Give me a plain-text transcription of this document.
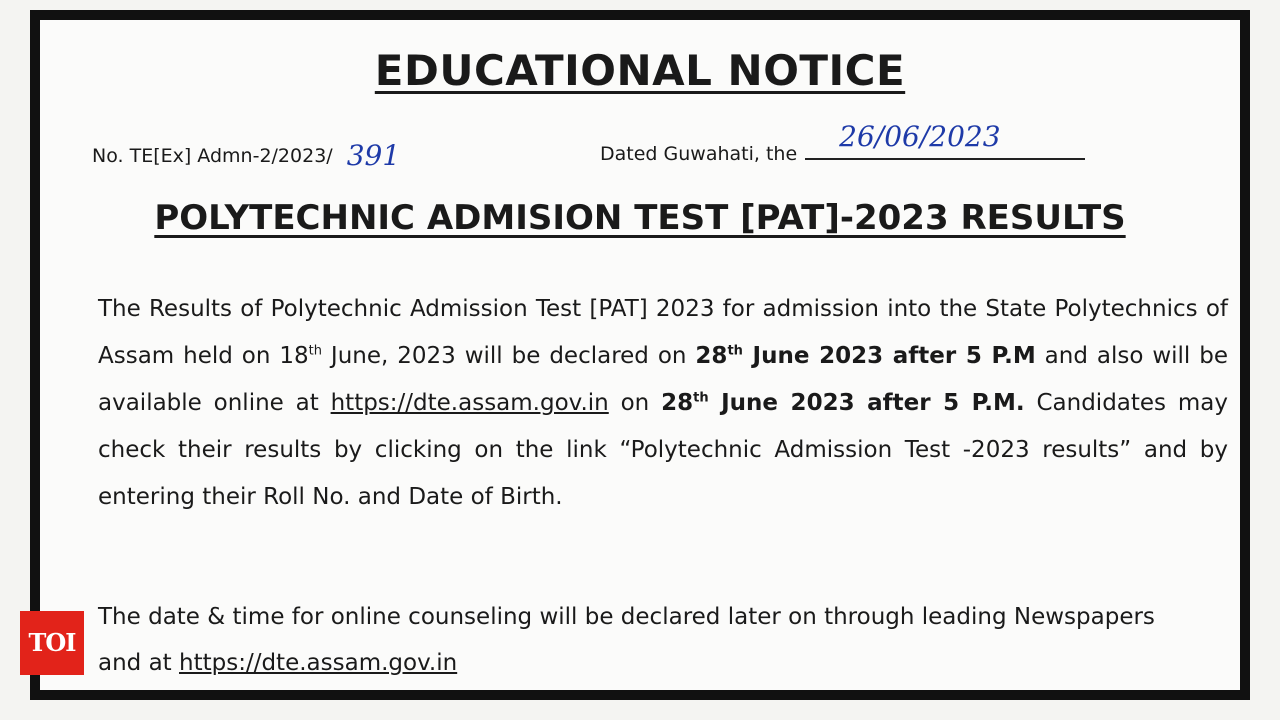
EDUCATIONAL NOTICE
No. TE[Ex] Admn-2/2023/ 391	Dated Guwahati, the
26/06/2023
POLYTECHNIC ADMISION TEST [PAT]-2023 RESULTS
The Results of Polytechnic Admission Test [PAT] 2023 for admission into the State Polytechnics of Assam held on 18th June, 2023 will be declared on 28th June 2023 after 5 P.M and also will be available online at https://dte.assam.gov.in on 28th June 2023 after 5 P.M. Candidates may check their results by clicking on the link “Polytechnic Admission Test -2023 results” and by entering their Roll No. and Date of Birth.
The date & time for online counseling will be declared later on through leading Newspapers and at https://dte.assam.gov.in
TOI
